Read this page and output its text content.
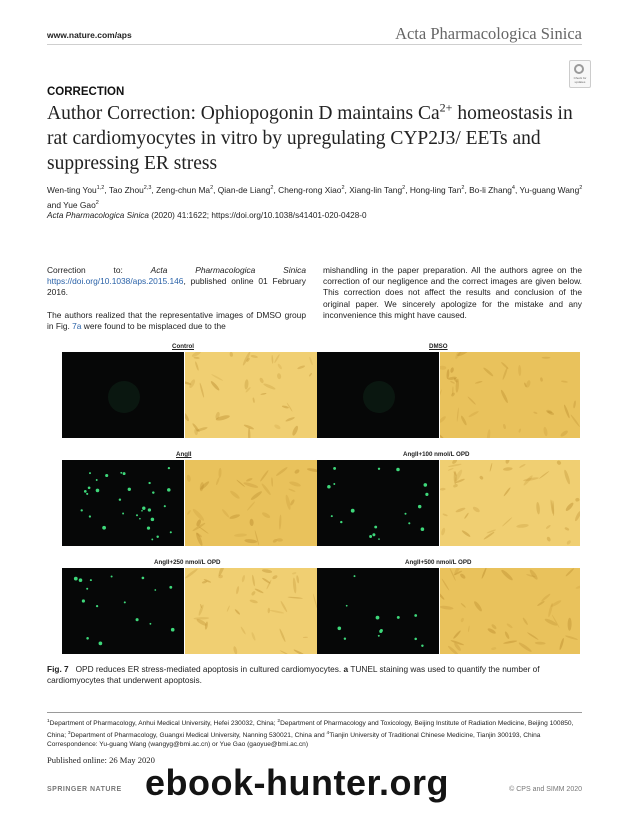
www.nature.com/aps	Acta Pharmacologica Sinica
Check for updates
CORRECTION
Author Correction: Ophiopogonin D maintains $Ca^{2+}$ homeostasis in rat cardiomyocytes in vitro by upregulating CYP2J3/ EETs and suppressing ER stress
Wen-ting You$^{1,2}$, Tao Zhou$^{2,3}$, Zeng-chun Ma$^2$, Qian-de Liang$^2$, Cheng-rong Xiao$^2$, Xiang-lin Tang$^2$, Hong-ling Tan$^2$, Bo-li Zhang$^4$, Yu-guang Wang$^2$ and Yue Gao$^2$
Acta Pharmacologica Sinica (2020) 41:1622; https://doi.org/10.1038/s41401-020-0428-0

Correction to: Acta Pharmacologica Sinica https://doi.org/10.1038/aps.2015.146, published online 01 February 2016.

The authors realized that the representative images of DMSO group in Fig. 7a were found to be misplaced due to the

mishandling in the paper preparation. All the authors agree on the correction of our negligence and the correct images are given below. This correction does not affect the results and conclusion of the original paper. We sincerely apologize for the mistake and any inconvenience this might have caused.

Control	DMSO
AngII	AngII+100 nmol/L OPD
AngII+250 nmol/L OPD	AngII+500 nmol/L OPD
Fig. 7 OPD reduces ER stress-mediated apoptosis in cultured cardiomyocytes. a TUNEL staining was used to quantify the number of cardiomyocytes that underwent apoptosis.
$^1$Department of Pharmacology, Anhui Medical University, Hefei 230032, China; $^2$Department of Pharmacology and Toxicology, Beijing Institute of Radiation Medicine, Beijing 100850, China; $^3$Department of Pharmacology, Guangxi Medical University, Nanning 530021, China and $^4$Tianjin University of Traditional Chinese Medicine, Tianjin 300193, China
Correspondence: Yu-guang Wang (wangyg@bmi.ac.cn) or Yue Gao (gaoyue@bmi.ac.cn)
Published online: 26 May 2020
SPRINGER NATURE	© CPS and SIMM 2020
ebook-hunter.org
